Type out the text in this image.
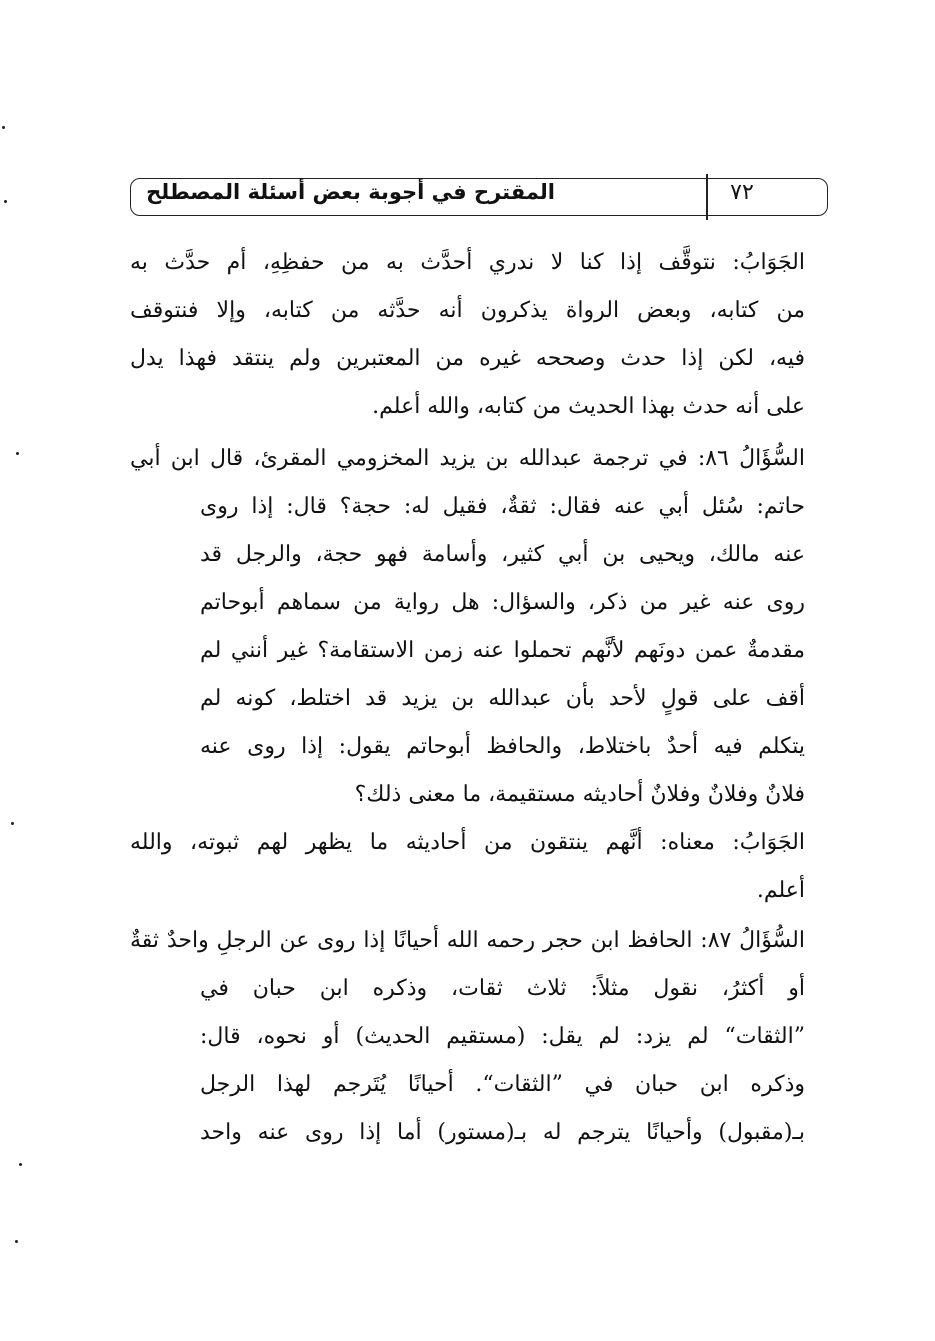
المقترح في أجوبة بعض أسئلة المصطلح	٧٢
الجَوَابُ: نتوقَّف إذا كنا لا ندري أحدَّث به من حفظِهِ، أم حدَّث به
من كتابه، وبعض الرواة يذكرون أنه حدَّثه من كتابه، وإلا فنتوقف
فيه، لكن إذا حدث وصححه غيره من المعتبرين ولم ينتقد فهذا يدل
على أنه حدث بهذا الحديث من كتابه، والله أعلم.
السُّؤَالُ ٨٦: في ترجمة عبدالله بن يزيد المخزومي المقرئ، قال ابن أبي
حاتم: سُئل أبي عنه فقال: ثقةٌ، فقيل له: حجة؟ قال: إذا روى
عنه مالك، ويحيى بن أبي كثير، وأسامة فهو حجة، والرجل قد
روى عنه غير من ذكر، والسؤال: هل رواية من سماهم أبوحاتم
مقدمةٌ عمن دونَهم لأنَّهم تحملوا عنه زمن الاستقامة؟ غير أنني لم
أقف على قولٍ لأحد بأن عبدالله بن يزيد قد اختلط، كونه لم
يتكلم فيه أحدٌ باختلاط، والحافظ أبوحاتم يقول: إذا روى عنه
فلانٌ وفلانٌ وفلانٌ أحاديثه مستقيمة، ما معنى ذلك؟
الجَوَابُ: معناه: أنَّهم ينتقون من أحاديثه ما يظهر لهم ثبوته، والله
أعلم.
السُّؤَالُ ٨٧: الحافظ ابن حجر رحمه الله أحيانًا إذا روى عن الرجلِ واحدٌ ثقةٌ
أو أكثرُ، نقول مثلاً: ثلاث ثقات، وذكره ابن حبان في
”الثقات“ لم يزد: لم يقل: (مستقيم الحديث) أو نحوه، قال:
وذكره ابن حبان في ”الثقات“. أحيانًا يُتَرجم لهذا الرجل
بـ(مقبول) وأحيانًا يترجم له بـ(مستور) أما إذا روى عنه واحد
